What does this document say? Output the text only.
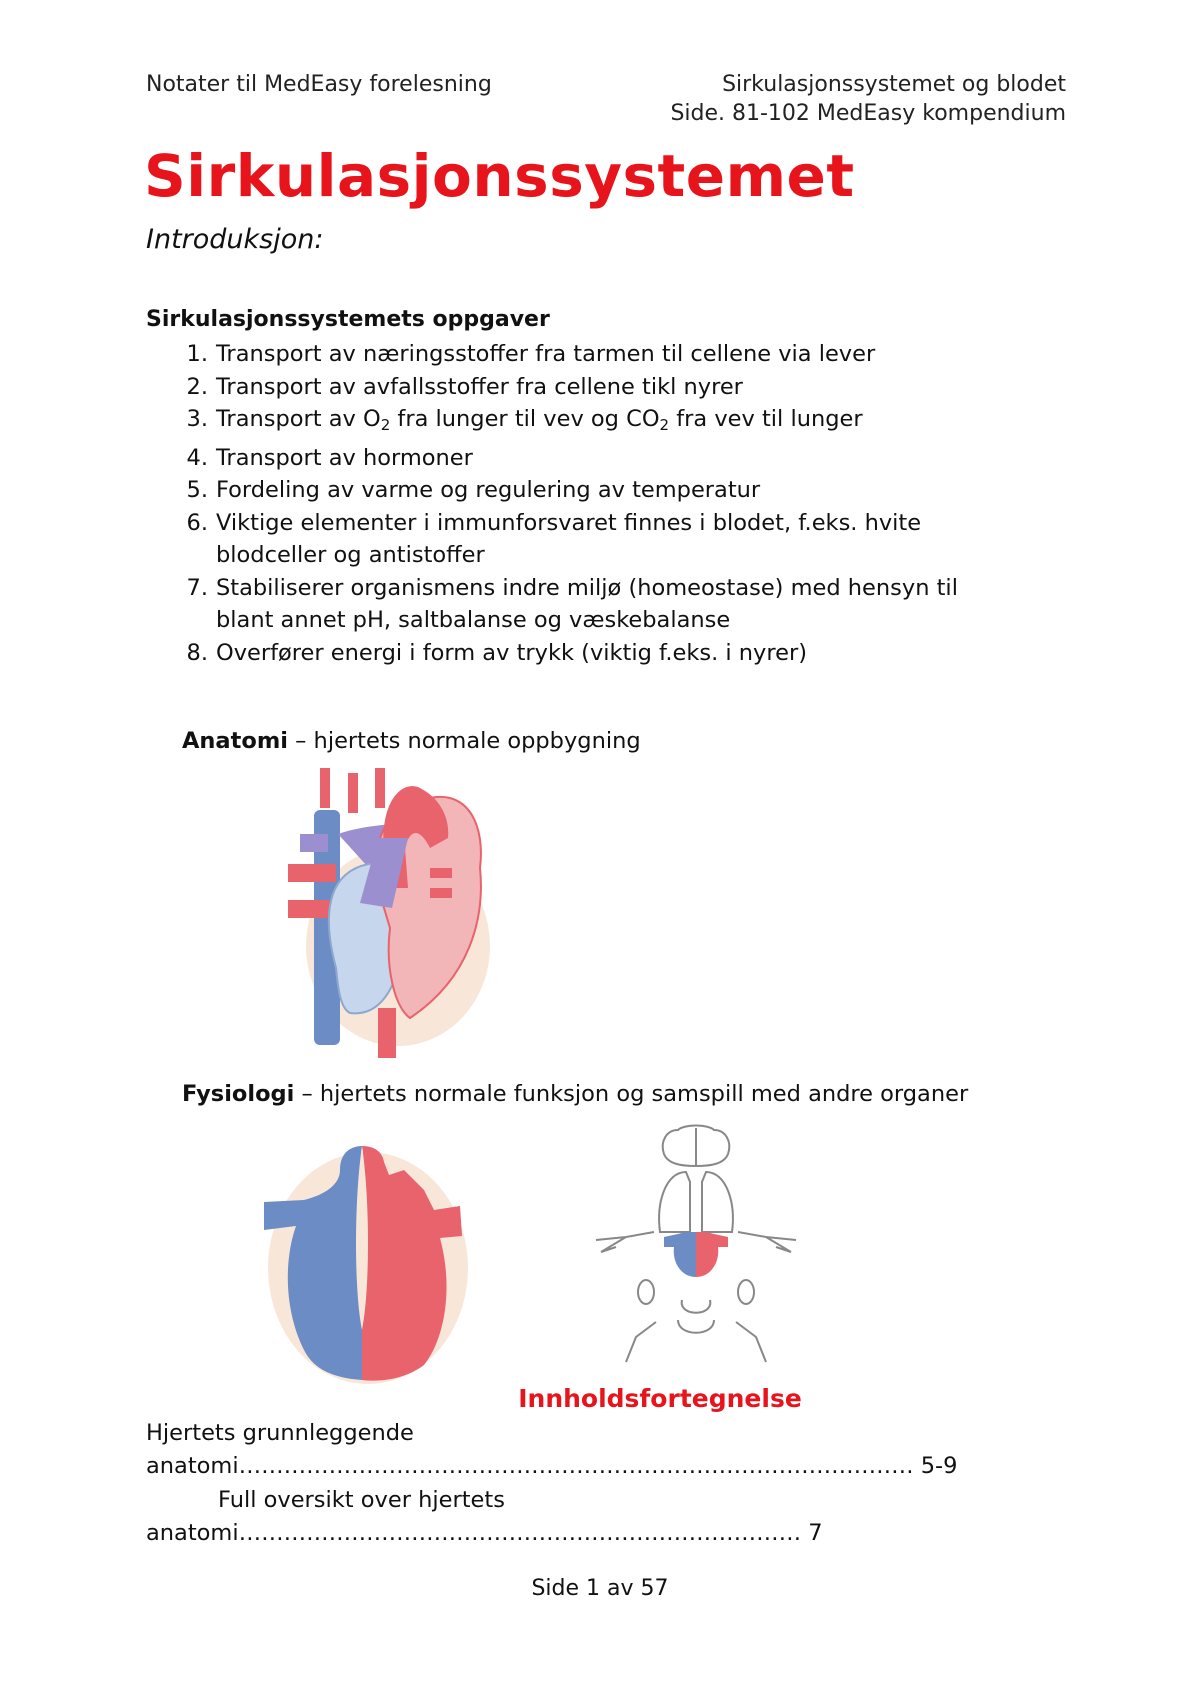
Notater til MedEasy forelesning	Sirkulasjonssystemet og blodet
Side. 81-102 MedEasy kompendium
Sirkulasjonssystemet
Introduksjon:
Sirkulasjonssystemets oppgaver
1. Transport av næringsstoffer fra tarmen til cellene via lever
2. Transport av avfallsstoffer fra cellene tikl nyrer
3. Transport av $O_2$ fra lunger til vev og $CO_2$ fra vev til lunger
4. Transport av hormoner
5. Fordeling av varme og regulering av temperatur
6. Viktige elementer i immunforsvaret finnes i blodet, f.eks. hvite
blodceller og antistoffer
7. Stabiliserer organismens indre miljø (homeostase) med hensyn til
blant annet pH, saltbalanse og væskebalanse
8. Overfører energi i form av trykk (viktig f.eks. i nyrer)
Anatomi – hjertets normale oppbygning
Fysiologi – hjertets normale funksjon og samspill med andre organer
Innholdsfortegnelse
Hjertets grunnleggende
anatomi……………………………………………………………………………… 5-9
Full oversikt over hjertets
anatomi………………………………………………………………… 7
Side 1 av 57
